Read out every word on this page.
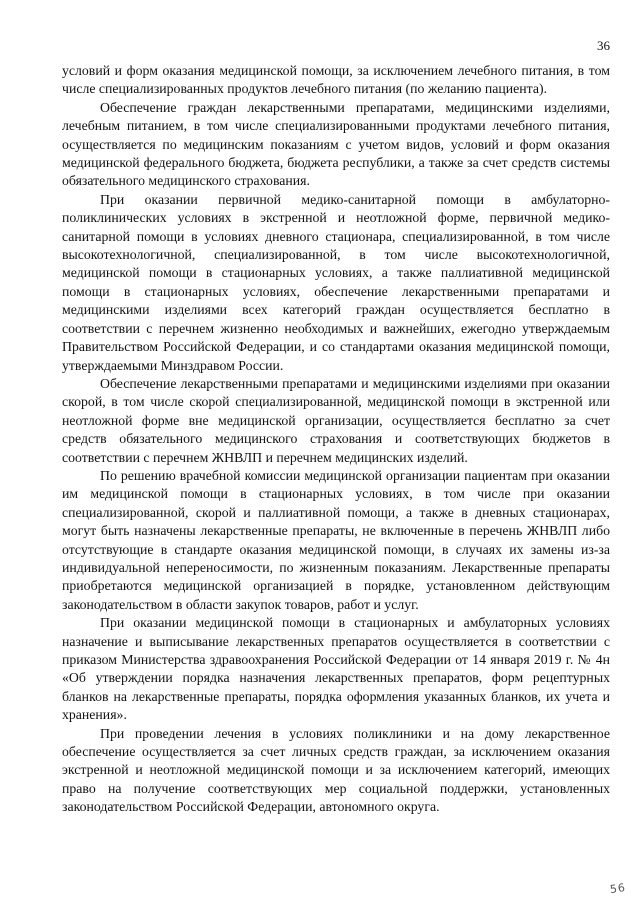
36

условий и форм оказания медицинской помощи, за исключением лечебного питания, в том числе специализированных продуктов лечебного питания (по желанию пациента).

Обеспечение граждан лекарственными препаратами, медицинскими изделиями, лечебным питанием, в том числе специализированными продуктами лечебного питания, осуществляется по медицинским показаниям с учетом видов, условий и форм оказания медицинской федерального бюджета, бюджета республики, а также за счет средств системы обязательного медицинского страхования.

При оказании первичной медико-санитарной помощи в амбулаторно- поликлинических условиях в экстренной и неотложной форме, первичной медико- санитарной помощи в условиях дневного стационара, специализированной, в том числе высокотехнологичной, специализированной, в том числе высокотехнологичной, медицинской помощи в стационарных условиях, а также паллиативной медицинской помощи в стационарных условиях, обеспечение лекарственными препаратами и медицинскими изделиями всех категорий граждан осуществляется бесплатно в соответствии с перечнем жизненно необходимых и важнейших, ежегодно утверждаемым Правительством Российской Федерации, и со стандартами оказания медицинской помощи, утверждаемыми Минздравом России.

Обеспечение лекарственными препаратами и медицинскими изделиями при оказании скорой, в том числе скорой специализированной, медицинской помощи в экстренной или неотложной форме вне медицинской организации, осуществляется бесплатно за счет средств обязательного медицинского страхования и соответствующих бюджетов в соответствии с перечнем ЖНВЛП и перечнем медицинских изделий.

По решению врачебной комиссии медицинской организации пациентам при оказании им медицинской помощи в стационарных условиях, в том числе при оказании специализированной, скорой и паллиативной помощи, а также в дневных стационарах, могут быть назначены лекарственные препараты, не включенные в перечень ЖНВЛП либо отсутствующие в стандарте оказания медицинской помощи, в случаях их замены из-за индивидуальной непереносимости, по жизненным показаниям. Лекарственные препараты приобретаются медицинской организацией в порядке, установленном действующим законодательством в области закупок товаров, работ и услуг.

При оказании медицинской помощи в стационарных и амбулаторных условиях назначение и выписывание лекарственных препаратов осуществляется в соответствии с приказом Министерства здравоохранения Российской Федерации от 14 января 2019 г. № 4н «Об утверждении порядка назначения лекарственных препаратов, форм рецептурных бланков на лекарственные препараты, порядка оформления указанных бланков, их учета и хранения».

При проведении лечения в условиях поликлиники и на дому лекарственное обеспечение осуществляется за счет личных средств граждан, за исключением оказания экстренной и неотложной медицинской помощи и за исключением категорий, имеющих право на получение соответствующих мер социальной поддержки, установленных законодательством Российской Федерации, автономного округа.

56
